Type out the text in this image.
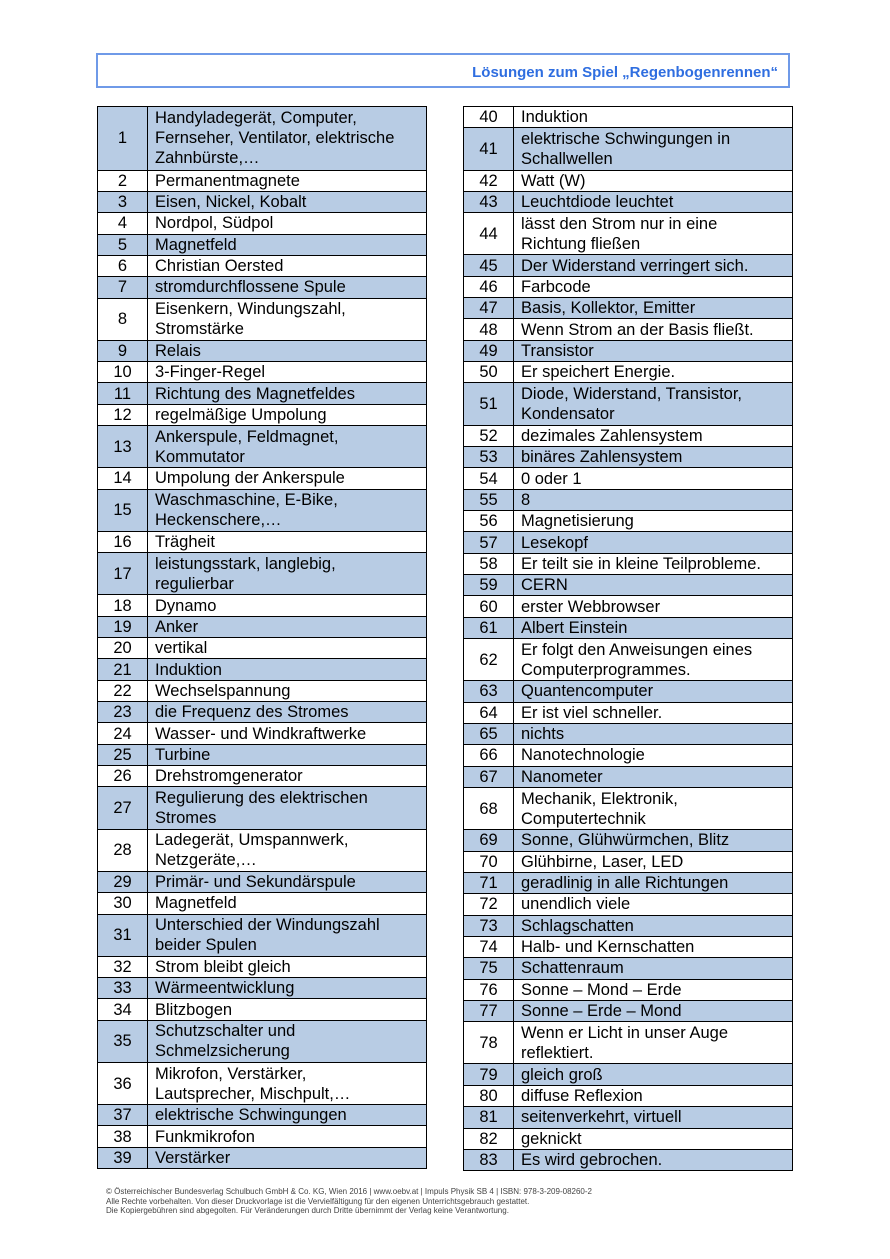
Lösungen zum Spiel „Regenbogenrennen“
1	Handyladegerät, Computer,
Fernseher, Ventilator, elektrische
Zahnbürste,…

2	Permanentmagnete

3	Eisen, Nickel, Kobalt

4	Nordpol, Südpol

5	Magnetfeld

6	Christian Oersted

7	stromdurchflossene Spule

8	Eisenkern, Windungszahl,
Stromstärke

9	Relais

10	3-Finger-Regel

11	Richtung des Magnetfeldes

12	regelmäßige Umpolung

13	Ankerspule, Feldmagnet,
Kommutator

14	Umpolung der Ankerspule

15	Waschmaschine, E-Bike,
Heckenschere,…

16	Trägheit

17	leistungsstark, langlebig,
regulierbar

18	Dynamo

19	Anker

20	vertikal

21	Induktion

22	Wechselspannung

23	die Frequenz des Stromes

24	Wasser- und Windkraftwerke

25	Turbine

26	Drehstromgenerator

27	Regulierung des elektrischen
Stromes

28	Ladegerät, Umspannwerk,
Netzgeräte,…

29	Primär- und Sekundärspule

30	Magnetfeld

31	Unterschied der Windungszahl
beider Spulen

32	Strom bleibt gleich

33	Wärmeentwicklung

34	Blitzbogen

35	Schutzschalter und
Schmelzsicherung

36	Mikrofon, Verstärker,
Lautsprecher, Mischpult,…

37	elektrische Schwingungen

38	Funkmikrofon

39	Verstärker
40	Induktion

41	elektrische Schwingungen in
Schallwellen

42	Watt (W)

43	Leuchtdiode leuchtet

44	lässt den Strom nur in eine
Richtung fließen

45	Der Widerstand verringert sich.

46	Farbcode

47	Basis, Kollektor, Emitter

48	Wenn Strom an der Basis fließt.

49	Transistor

50	Er speichert Energie.

51	Diode, Widerstand, Transistor,
Kondensator

52	dezimales Zahlensystem

53	binäres Zahlensystem

54	0 oder 1

55	8

56	Magnetisierung

57	Lesekopf

58	Er teilt sie in kleine Teilprobleme.

59	CERN

60	erster Webbrowser

61	Albert Einstein

62	Er folgt den Anweisungen eines
Computerprogrammes.

63	Quantencomputer

64	Er ist viel schneller.

65	nichts

66	Nanotechnologie

67	Nanometer

68	Mechanik, Elektronik,
Computertechnik

69	Sonne, Glühwürmchen, Blitz

70	Glühbirne, Laser, LED

71	geradlinig in alle Richtungen

72	unendlich viele

73	Schlagschatten

74	Halb- und Kernschatten

75	Schattenraum

76	Sonne – Mond – Erde

77	Sonne – Erde – Mond

78	Wenn er Licht in unser Auge
reflektiert.

79	gleich groß

80	diffuse Reflexion

81	seitenverkehrt, virtuell

82	geknickt

83	Es wird gebrochen.
© Österreichischer Bundesverlag Schulbuch GmbH & Co. KG, Wien 2016 | www.oebv.at | Impuls Physik SB 4 | ISBN: 978-3-209-08260-2
Alle Rechte vorbehalten. Von dieser Druckvorlage ist die Vervielfältigung für den eigenen Unterrichtsgebrauch gestattet.
Die Kopiergebühren sind abgegolten. Für Veränderungen durch Dritte übernimmt der Verlag keine Verantwortung.
